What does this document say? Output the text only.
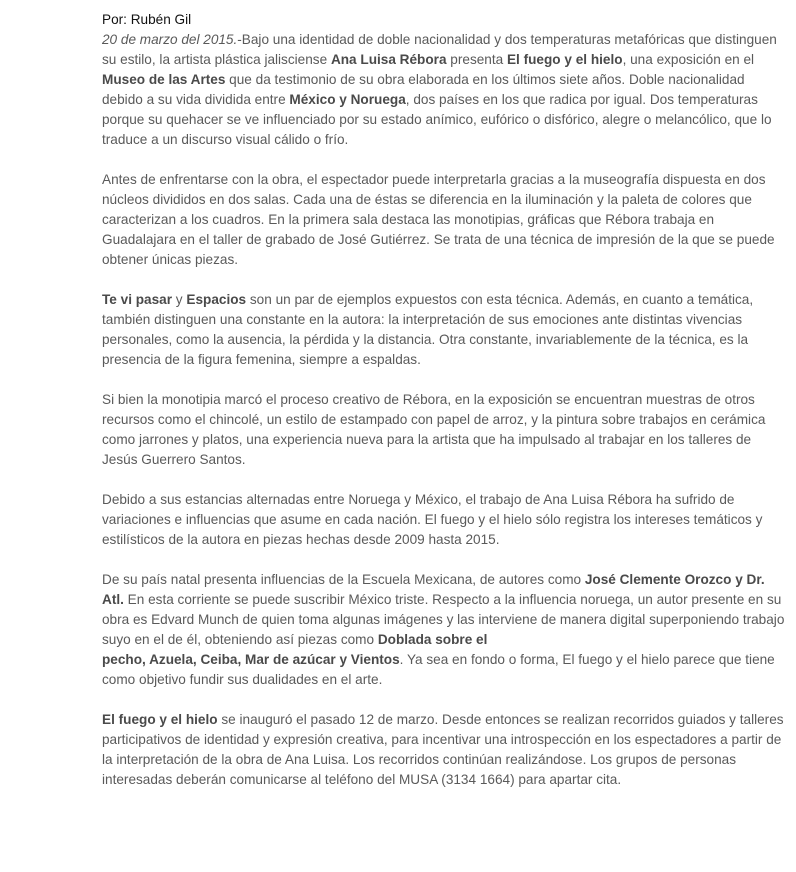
Por: Rubén Gil

20 de marzo del 2015.-Bajo una identidad de doble nacionalidad y dos temperaturas metafóricas que distinguen su estilo, la artista plástica jalisciense Ana Luisa Rébora presenta El fuego y el hielo, una exposición en el Museo de las Artes que da testimonio de su obra elaborada en los últimos siete años. Doble nacionalidad debido a su vida dividida entre México y Noruega, dos países en los que radica por igual. Dos temperaturas porque su quehacer se ve influenciado por su estado anímico, eufórico o disfórico, alegre o melancólico, que lo traduce a un discurso visual cálido o frío.

Antes de enfrentarse con la obra, el espectador puede interpretarla gracias a la museografía dispuesta en dos núcleos divididos en dos salas. Cada una de éstas se diferencia en la iluminación y la paleta de colores que caracterizan a los cuadros. En la primera sala destaca las monotipias, gráficas que Rébora trabaja en Guadalajara en el taller de grabado de José Gutiérrez. Se trata de una técnica de impresión de la que se puede obtener únicas piezas.

Te vi pasar y Espacios son un par de ejemplos expuestos con esta técnica. Además, en cuanto a temática, también distinguen una constante en la autora: la interpretación de sus emociones ante distintas vivencias personales, como la ausencia, la pérdida y la distancia. Otra constante, invariablemente de la técnica, es la presencia de la figura femenina, siempre a espaldas.

Si bien la monotipia marcó el proceso creativo de Rébora, en la exposición se encuentran muestras de otros recursos como el chincolé, un estilo de estampado con papel de arroz, y la pintura sobre trabajos en cerámica como jarrones y platos, una experiencia nueva para la artista que ha impulsado al trabajar en los talleres de Jesús Guerrero Santos.

Debido a sus estancias alternadas entre Noruega y México, el trabajo de Ana Luisa Rébora ha sufrido de variaciones e influencias que asume en cada nación. El fuego y el hielo sólo registra los intereses temáticos y estilísticos de la autora en piezas hechas desde 2009 hasta 2015.

De su país natal presenta influencias de la Escuela Mexicana, de autores como José Clemente Orozco y Dr. Atl. En esta corriente se puede suscribir México triste. Respecto a la influencia noruega, un autor presente en su obra es Edvard Munch de quien toma algunas imágenes y las interviene de manera digital superponiendo trabajo suyo en el de él, obteniendo así piezas como Doblada sobre el
pecho, Azuela, Ceiba, Mar de azúcar y Vientos. Ya sea en fondo o forma, El fuego y el hielo parece que tiene como objetivo fundir sus dualidades en el arte.

El fuego y el hielo se inauguró el pasado 12 de marzo. Desde entonces se realizan recorridos guiados y talleres participativos de identidad y expresión creativa, para incentivar una introspección en los espectadores a partir de la interpretación de la obra de Ana Luisa. Los recorridos continúan realizándose. Los grupos de personas interesadas deberán comunicarse al teléfono del MUSA (3134 1664) para apartar cita.
